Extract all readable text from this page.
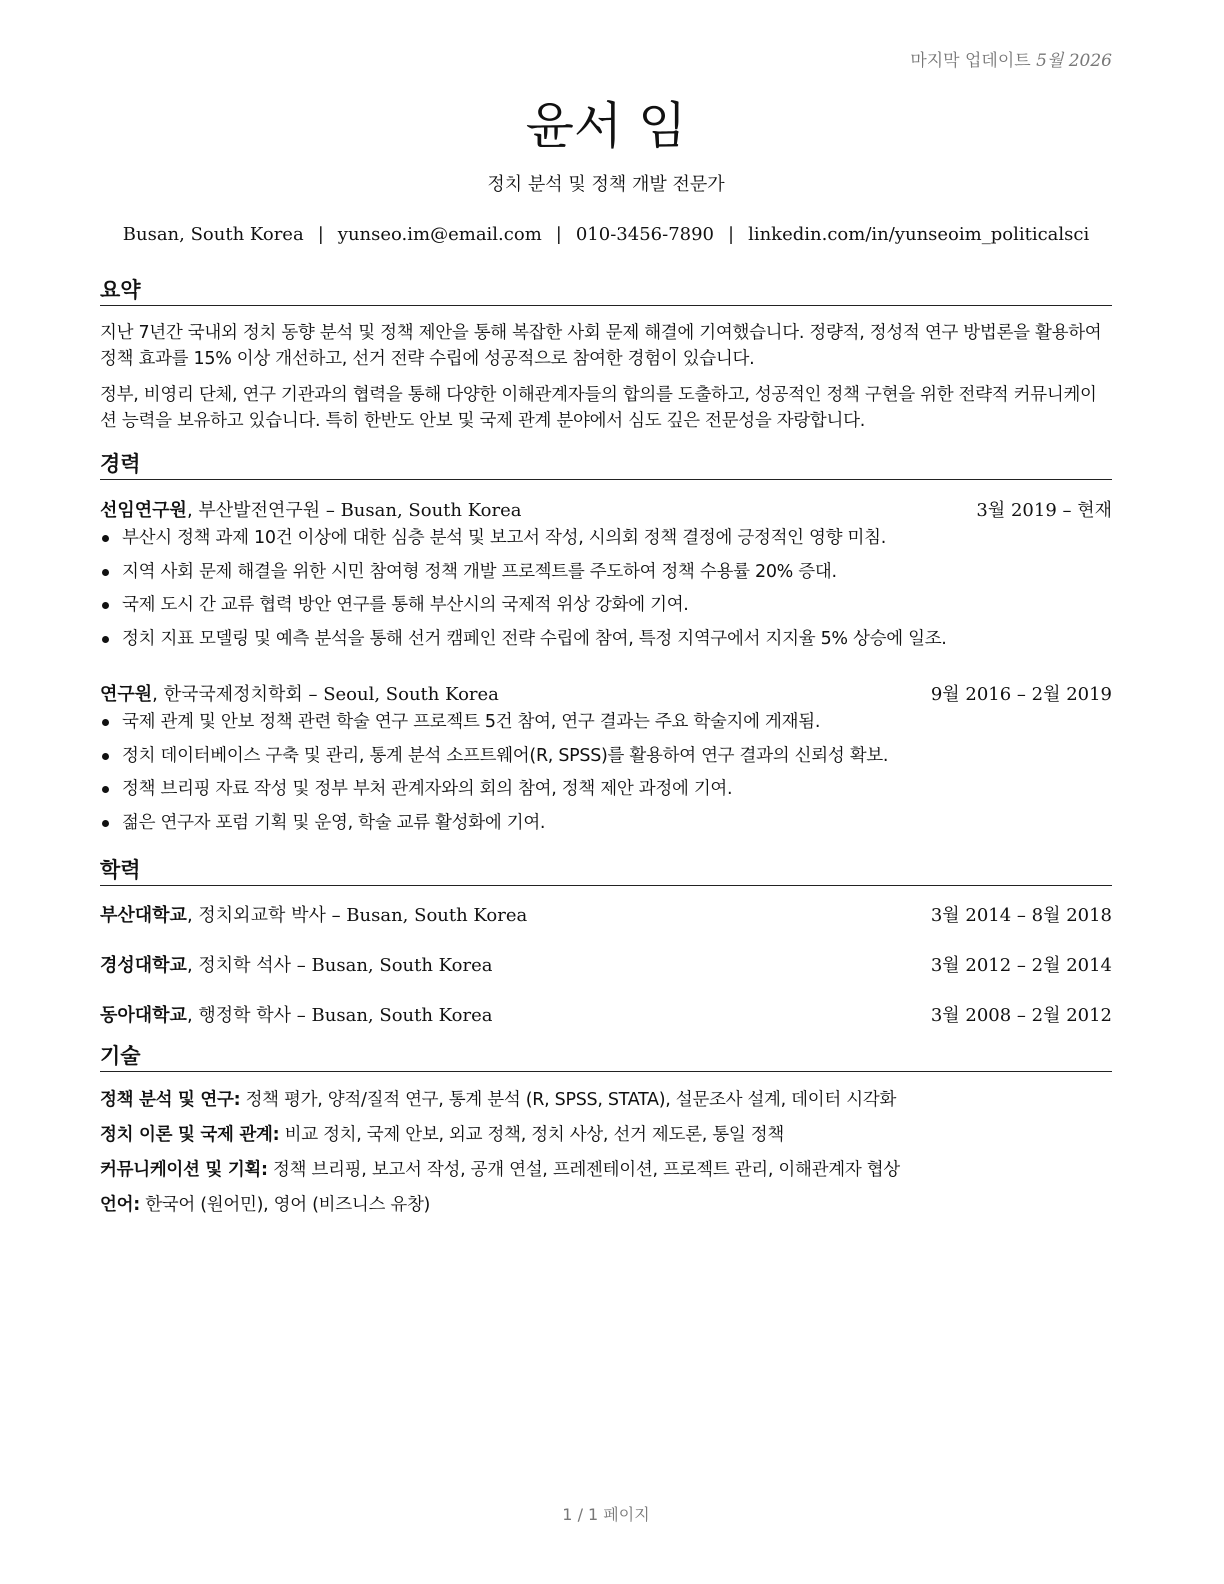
마지막 업데이트 5월 2026
윤서 임
정치 분석 및 정책 개발 전문가
Busan, South Korea | yunseo.im@email.com | 010-3456-7890 | linkedin.com/in/yunseoim_politicalsci
요약

지난 7년간 국내외 정치 동향 분석 및 정책 제안을 통해 복잡한 사회 문제 해결에 기여했습니다. 정량적, 정성적 연구 방법론을 활용하여 정책 효과를 15% 이상 개선하고, 선거 전략 수립에 성공적으로 참여한 경험이 있습니다.

정부, 비영리 단체, 연구 기관과의 협력을 통해 다양한 이해관계자들의 합의를 도출하고, 성공적인 정책 구현을 위한 전략적 커뮤니케이션 능력을 보유하고 있습니다. 특히 한반도 안보 및 국제 관계 분야에서 심도 깊은 전문성을 자랑합니다.

경력
선임연구원, 부산발전연구원 – Busan, South Korea	3월 2019 – 현재
부산시 정책 과제 10건 이상에 대한 심층 분석 및 보고서 작성, 시의회 정책 결정에 긍정적인 영향 미침.
지역 사회 문제 해결을 위한 시민 참여형 정책 개발 프로젝트를 주도하여 정책 수용률 20% 증대.
국제 도시 간 교류 협력 방안 연구를 통해 부산시의 국제적 위상 강화에 기여.
정치 지표 모델링 및 예측 분석을 통해 선거 캠페인 전략 수립에 참여, 특정 지역구에서 지지율 5% 상승에 일조.
연구원, 한국국제정치학회 – Seoul, South Korea	9월 2016 – 2월 2019
국제 관계 및 안보 정책 관련 학술 연구 프로젝트 5건 참여, 연구 결과는 주요 학술지에 게재됨.
정치 데이터베이스 구축 및 관리, 통계 분석 소프트웨어(R, SPSS)를 활용하여 연구 결과의 신뢰성 확보.
정책 브리핑 자료 작성 및 정부 부처 관계자와의 회의 참여, 정책 제안 과정에 기여.
젊은 연구자 포럼 기획 및 운영, 학술 교류 활성화에 기여.
학력
부산대학교, 정치외교학 박사 – Busan, South Korea	3월 2014 – 8월 2018
경성대학교, 정치학 석사 – Busan, South Korea	3월 2012 – 2월 2014
동아대학교, 행정학 학사 – Busan, South Korea	3월 2008 – 2월 2012
기술
정책 분석 및 연구: 정책 평가, 양적/질적 연구, 통계 분석 (R, SPSS, STATA), 설문조사 설계, 데이터 시각화
정치 이론 및 국제 관계: 비교 정치, 국제 안보, 외교 정책, 정치 사상, 선거 제도론, 통일 정책
커뮤니케이션 및 기획: 정책 브리핑, 보고서 작성, 공개 연설, 프레젠테이션, 프로젝트 관리, 이해관계자 협상
언어: 한국어 (원어민), 영어 (비즈니스 유창)
1 / 1 페이지
